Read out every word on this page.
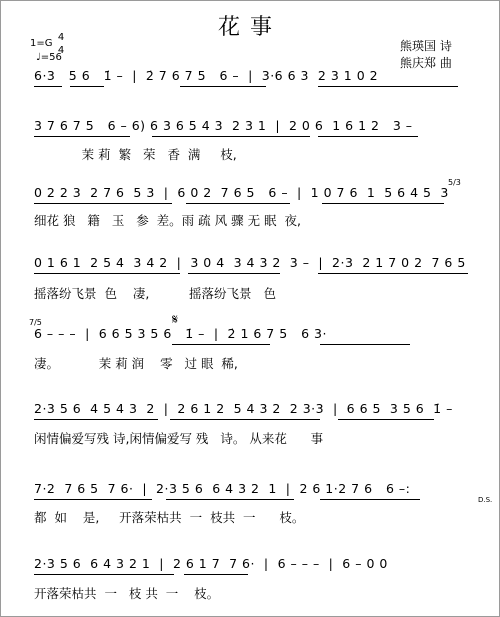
花事
1=G
4
4
♩=56
熊瑛国 诗
熊庆郑 曲
6·3   5 6   1̇ –  |  2̇ 7 6 7 5   6 –  |  3·6 6 3  2 3 1 0 2
3 7 6 7 5   6 – 6) 6 3 6 5 4 3  2 3 1  |  2 0 6  1 6 1 2   3 –
茉 莉  繁   荣   香  满     枝,
0 2 2 3  2 7 6  5 3  |  6 0 2  7 6 5   6 –  |  1 0 7 6  1  5 6 4 5  3
细花 狼   籍   玉   参  差。雨 疏 风 骤 无 眠  夜,
0 1 6 1  2 5 4  3 4 2  |  3 0 4  3 4 3 2  3 –  |  2·3  2 1 7 0 2  7 6 5
摇落纷飞景  色    凄,          摇落纷飞景   色
6 – – –  |  6 6 5 3 5 6   1̇ –  |  2̇ 1 6 7 5   6 3·
凄。          茉 莉 润    零   过 眼  稀,
2·3 5 6  4 5 4 3  2  |  2 6 1 2  5 4 3 2  2 3·3  |  6 6 5  3 5 6  1̇ –
闲情偏爱写残 诗,闲情偏爱写 残   诗。 从来花      事
7·2  7 6 5  7 6·  |  2·3 5 6  6 4 3 2  1  |  2 6 1·2 7 6   6 –:
都  如    是,     开落荣枯共  一  枝共  一      枝。
2·3 5 6  6 4 3 2 1  |  2 6 1 7  7 6·  |  6 – – –  |  6 – 0 0
开落荣枯共  一   枝 共  一    枝。
𝄋
D.S.
7/5
5/3
